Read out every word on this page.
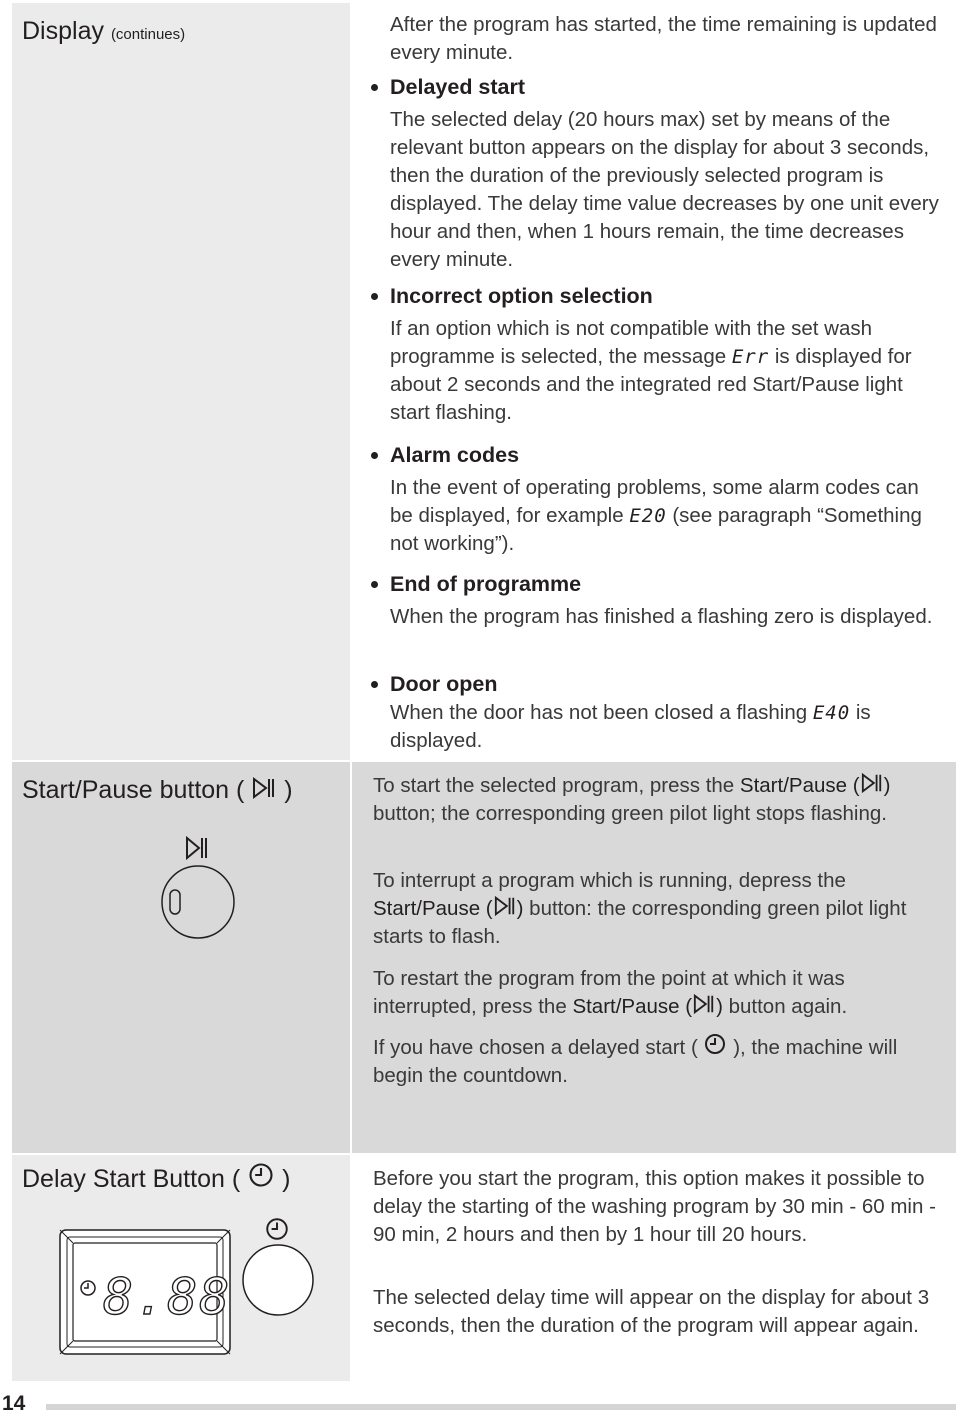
Display (continues)	After the program has started, the time remaining is updated every minute.
Delayed start
The selected delay (20 hours max) set by means of the relevant button appears on the display for about 3 seconds, then the duration of the previously selected program is displayed. The delay time value decreases by one unit every hour and then, when 1 hours remain, the time decreases every minute.
Incorrect option selection
If an option which is not compatible with the set wash programme is selected, the message Err is displayed for about 2 seconds and the integrated red Start/Pause light start flashing.
Alarm codes
In the event of operating problems, some alarm codes can be displayed, for example E20 (see paragraph “Something not working”).
End of programme
When the program has finished a flashing zero is displayed.
Door open
When the door has not been closed a flashing E40 is displayed.
Start/Pause button ( )	To start the selected program, press the Start/Pause ( ) button; the corresponding green pilot light stops flashing.
To interrupt a program which is running, depress the Start/Pause ( ) button: the corresponding green pilot light starts to flash.
To restart the program from the point at which it was interrupted, press the Start/Pause ( ) button again.
If you have chosen a delayed start ( ), the machine will begin the countdown.
Delay Start Button ( )
8.88
Before you start the program, this option makes it possible to delay the starting of the washing program by 30 min - 60 min - 90 min, 2 hours and then by 1 hour till 20 hours.
The selected delay time will appear on the display for about 3 seconds, then the duration of the program will appear again.
14
